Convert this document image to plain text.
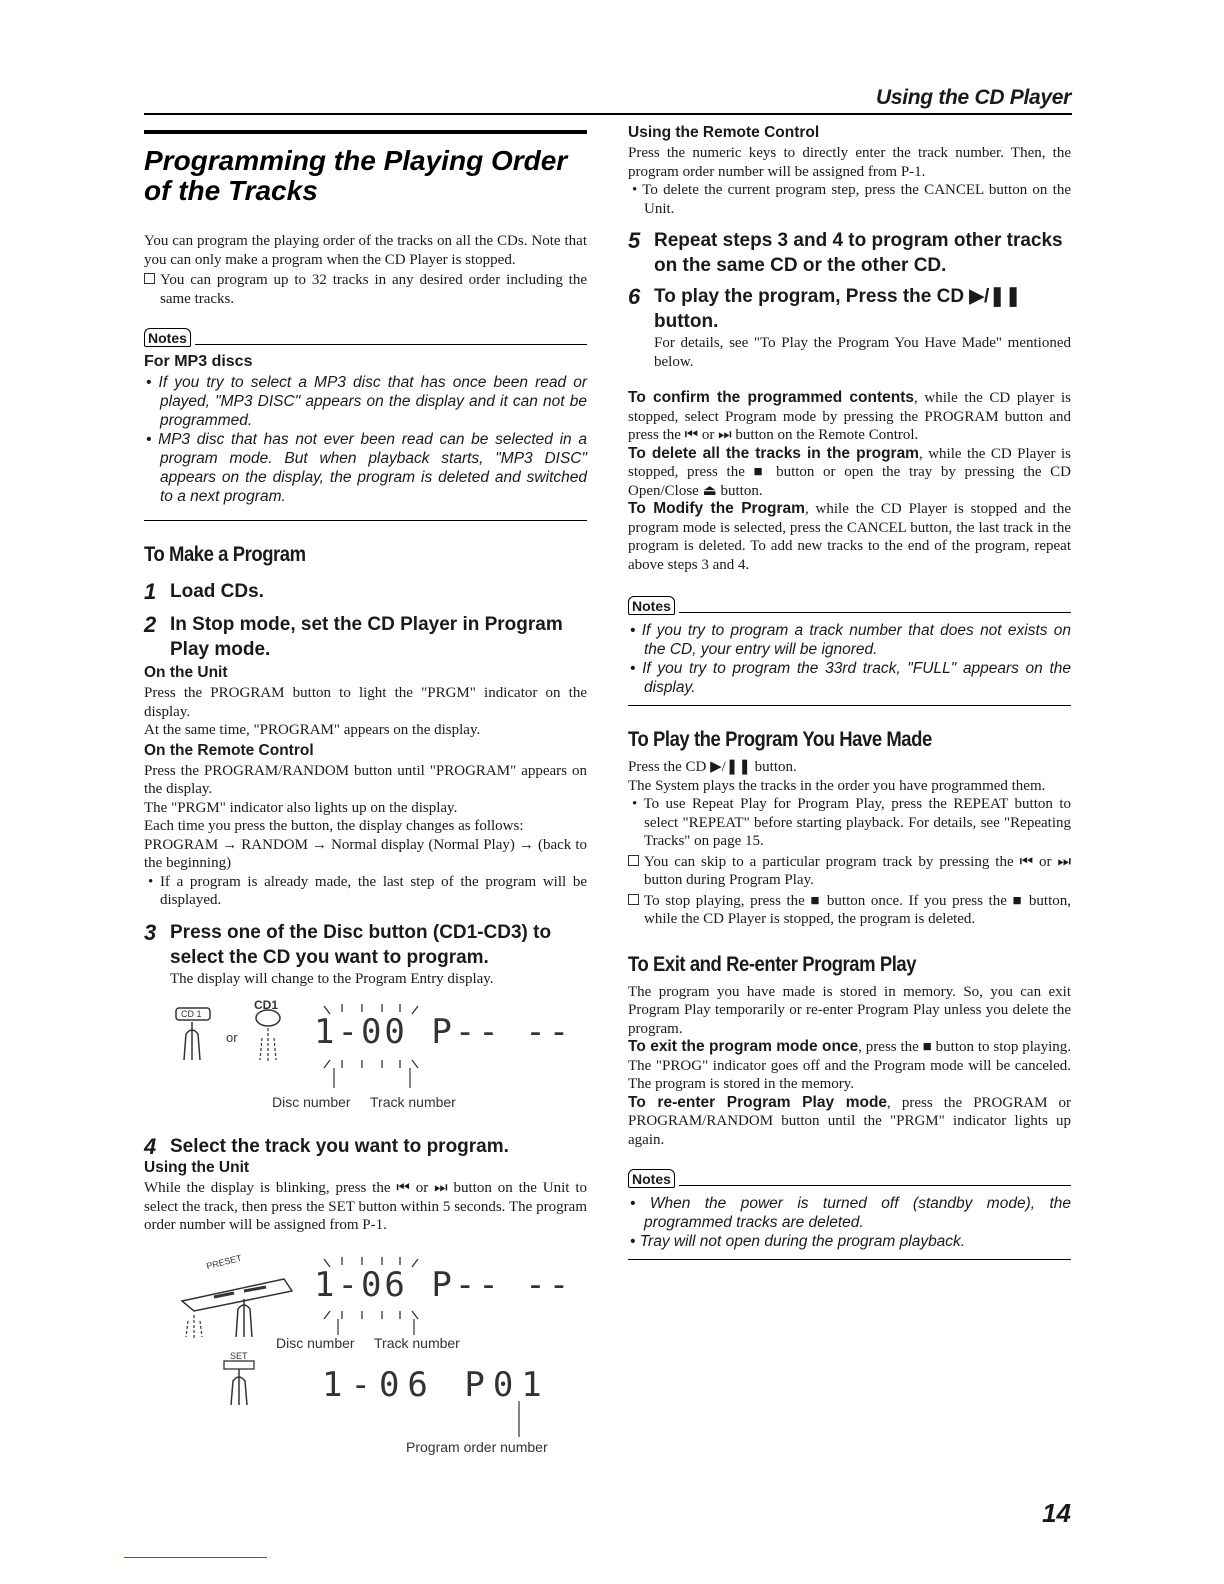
Using the CD Player
Programming the Playing Order
of the Tracks

You can program the playing order of the tracks on all the CDs. Note that you can only make a program when the CD Player is stopped.

You can program up to 32 tracks in any desired order including the same tracks.

Notes
For MP3 discs
• If you try to select a MP3 disc that has once been read or played, "MP3 DISC" appears on the display and it can not be programmed.
• MP3 disc that has not ever been read can be selected in a program mode. But when playback starts, "MP3 DISC" appears on the display, the program is deleted and switched to a next program.
To Make a Program
1 Load CDs.
2 In Stop mode, set the CD Player in Program Play mode.
On the Unit

Press the PROGRAM button to light the "PRGM" indicator on the display.

At the same time, "PROGRAM" appears on the display.

On the Remote Control

Press the PROGRAM/RANDOM button until "PROGRAM" appears on the display.

The "PRGM" indicator also lights up on the display.

Each time you press the button, the display changes as follows:

PROGRAM → RANDOM → Normal display (Normal Play) → (back to the beginning)

• If a program is already made, the last step of the program will be displayed.

3 Press one of the Disc button (CD1-CD3) to select the CD you want to program.

The display will change to the Program Entry display.

CD 1
CD1
or 1-00 P-- --
Disc number Track number
4 Select the track you want to program.
Using the Unit

While the display is blinking, press the ⏮ or ⏭ button on the Unit to select the track, then press the SET button within 5 seconds. The program order number will be assigned from P-1.

PRESET
1-06 P-- --
Disc number Track number
SET
1-06 P01
Program order number
Using the Remote Control

Press the numeric keys to directly enter the track number. Then, the program order number will be assigned from P-1.

• To delete the current program step, press the CANCEL button on the Unit.

5 Repeat steps 3 and 4 to program other tracks on the same CD or the other CD.
6 To play the program, Press the CD ▶/❚❚ button.

For details, see "To Play the Program You Have Made" mentioned below.

To confirm the programmed contents, while the CD player is stopped, select Program mode by pressing the PROGRAM button and press the ⏮ or ⏭ button on the Remote Control.

To delete all the tracks in the program, while the CD Player is stopped, press the ■ button or open the tray by pressing the CD Open/Close ⏏ button.

To Modify the Program, while the CD Player is stopped and the program mode is selected, press the CANCEL button, the last track in the program is deleted. To add new tracks to the end of the program, repeat above steps 3 and 4.

Notes
• If you try to program a track number that does not exists on the CD, your entry will be ignored.
• If you try to program the 33rd track, "FULL" appears on the display.
To Play the Program You Have Made

Press the CD ▶/❚❚ button.

The System plays the tracks in the order you have programmed them.

• To use Repeat Play for Program Play, press the REPEAT button to select "REPEAT" before starting playback. For details, see "Repeating Tracks" on page 15.

You can skip to a particular program track by pressing the ⏮ or ⏭ button during Program Play.

To stop playing, press the ■ button once. If you press the ■ button, while the CD Player is stopped, the program is deleted.

To Exit and Re-enter Program Play

The program you have made is stored in memory. So, you can exit Program Play temporarily or re-enter Program Play unless you delete the program.

To exit the program mode once, press the ■ button to stop playing. The "PROG" indicator goes off and the Program mode will be canceled. The program is stored in the memory.

To re-enter Program Play mode, press the PROGRAM or PROGRAM/RANDOM button until the "PRGM" indicator lights up again.

Notes
• When the power is turned off (standby mode), the programmed tracks are deleted.
• Tray will not open during the program playback.
14
